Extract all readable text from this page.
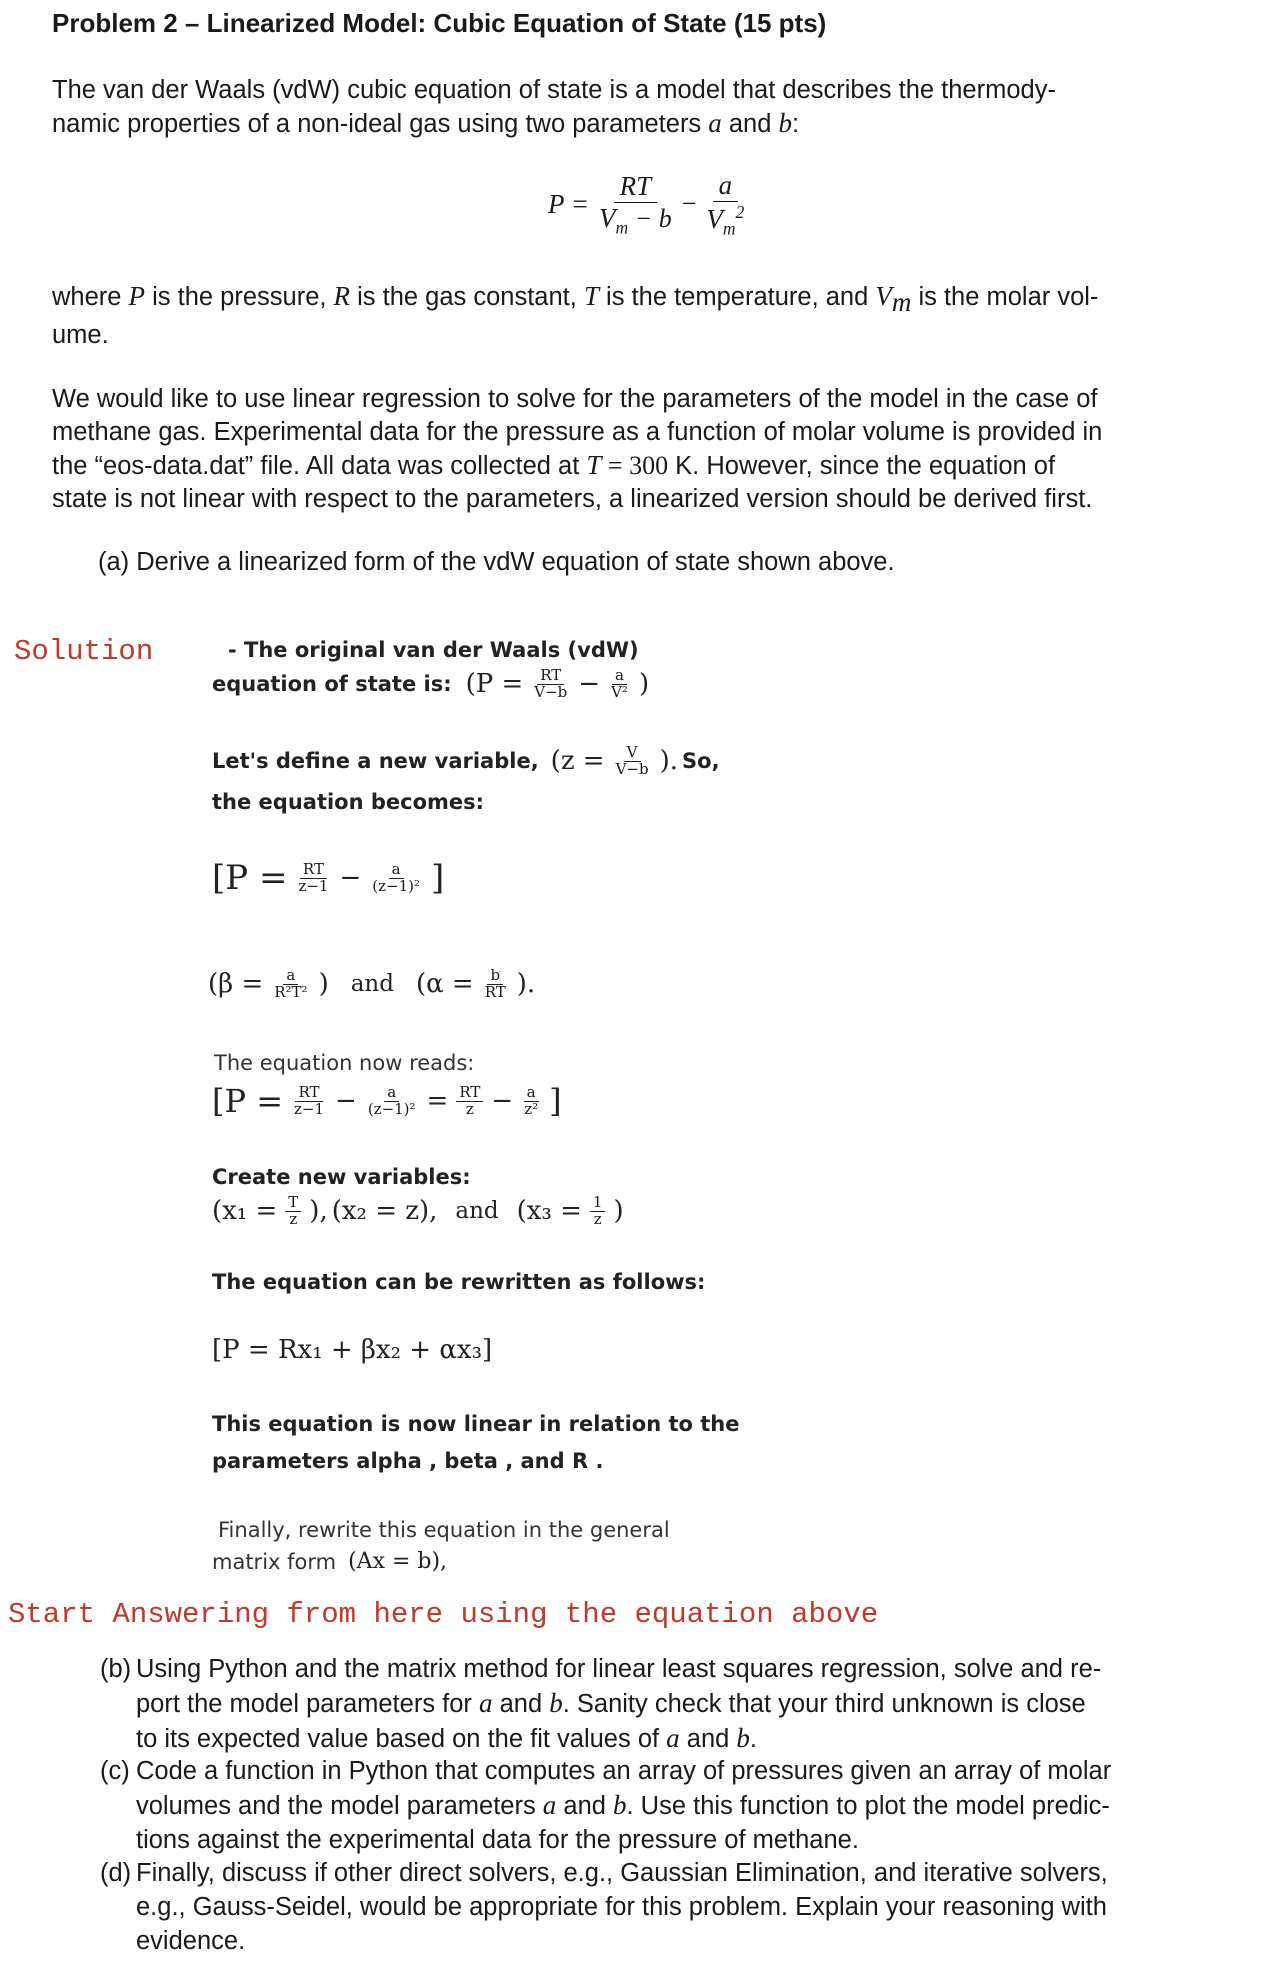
Problem 2 – Linearized Model: Cubic Equation of State (15 pts)
The van der Waals (vdW) cubic equation of state is a model that describes the thermody-
namic properties of a non-ideal gas using two parameters a and b:
$P = \frac{RT}{V_m - b} - \frac{a}{V_m^2}$
where P is the pressure, R is the gas constant, T is the temperature, and $V_m$ is the molar vol-
ume.
We would like to use linear regression to solve for the parameters of the model in the case of
methane gas. Experimental data for the pressure as a function of molar volume is provided in
the “eos-data.dat” file. All data was collected at T = 300 K. However, since the equation of
state is not linear with respect to the parameters, a linearized version should be derived first.
(a) Derive a linearized form of the vdW equation of state shown above.
Solution	- The original van der Waals (vdW)
equation of state is: ($P = \frac{RT}{V-b} - \frac{a}{\text{V²}}$ )
Let's define a new variable, ($z = \frac{V}{V-b}$ ). So,
the equation becomes:
[$P = \frac{RT}{z-1} - \frac{a}{\text{(z−1)²}}$ ]
($\beta = \frac{a}{\text{R²T²}}$ ) and ($\alpha = \frac{b}{RT}$ ).
The equation now reads:
[$P = \frac{RT}{z-1} - \frac{a}{\text{(z−1)²}} = \frac{RT}{z} - \frac{a}{\text{z²}}$ ]
Create new variables:
($x_1 = \frac{T}{z}$ ), (x₂ = z), and ($x_3 = \frac{1}{z}$ )
The equation can be rewritten as follows:
[P = Rx₁ + βx₂ + αx₃]
This equation is now linear in relation to the
parameters alpha , beta , and R .
Finally, rewrite this equation in the general
matrix form (Ax = b),
Start Answering from here using the equation above
(b) Using Python and the matrix method for linear least squares regression, solve and re-
port the model parameters for a and b. Sanity check that your third unknown is close
to its expected value based on the fit values of a and b.
(c) Code a function in Python that computes an array of pressures given an array of molar
volumes and the model parameters a and b. Use this function to plot the model predic-
tions against the experimental data for the pressure of methane.
(d) Finally, discuss if other direct solvers, e.g., Gaussian Elimination, and iterative solvers,
e.g., Gauss-Seidel, would be appropriate for this problem. Explain your reasoning with
evidence.
